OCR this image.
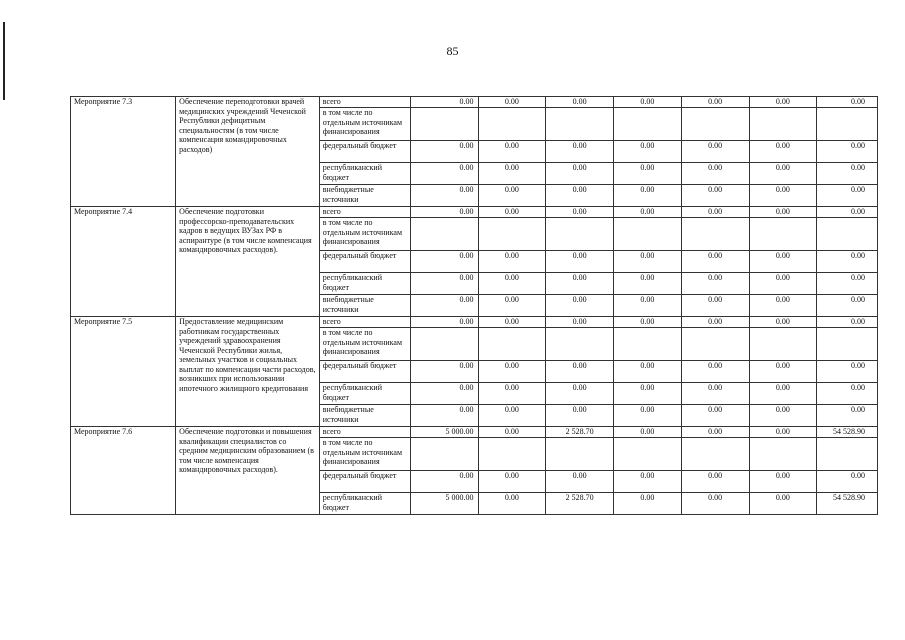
85
Мероприятие 7.3	Обеспечение переподготовки врачей медицинских учреждений Чеченской Республики дефицитным специальностям (в том числе компенсация командировочных расходов)	всего	0.00	0.00	0.00	0.00	0.00	0.00	0.00
		в том числе по отдельным источникам финансирования							
		федеральный бюджет	0.00	0.00	0.00	0.00	0.00	0.00	0.00
		республиканский бюджет	0.00	0.00	0.00	0.00	0.00	0.00	0.00
		внебюджетные источники	0.00	0.00	0.00	0.00	0.00	0.00	0.00
Мероприятие 7.4	Обеспечение подготовки профессорско-преподавательских кадров в ведущих ВУЗах РФ в аспирантуре (в том числе компенсация командировочных расходов).	всего	0.00	0.00	0.00	0.00	0.00	0.00	0.00
		в том числе по отдельным источникам финансирования							
		федеральный бюджет	0.00	0.00	0.00	0.00	0.00	0.00	0.00
		республиканский бюджет	0.00	0.00	0.00	0.00	0.00	0.00	0.00
		внебюджетные источники	0.00	0.00	0.00	0.00	0.00	0.00	0.00
Мероприятие 7.5	Предоставление медицинским работникам государственных учреждений здравоохранения Чеченской Республики жилья, земельных участков и социальных выплат по компенсации части расходов, возникших при использовании ипотечного жилищного кредитования	всего	0.00	0.00	0.00	0.00	0.00	0.00	0.00
		в том числе по отдельным источникам финансирования							
		федеральный бюджет	0.00	0.00	0.00	0.00	0.00	0.00	0.00
		республиканский бюджет	0.00	0.00	0.00	0.00	0.00	0.00	0.00
		внебюджетные источники	0.00	0.00	0.00	0.00	0.00	0.00	0.00
Мероприятие 7.6	Обеспечение подготовки и повышения квалификации специалистов со средним медицинским образованием (в том числе компенсация командировочных расходов).	всего	5 000.00	0.00	2 528.70	0.00	0.00	0.00	54 528.90
		в том числе по отдельным источникам финансирования							
		федеральный бюджет	0.00	0.00	0.00	0.00	0.00	0.00	0.00
		республиканский бюджет	5 000.00	0.00	2 528.70	0.00	0.00	0.00	54 528.90
